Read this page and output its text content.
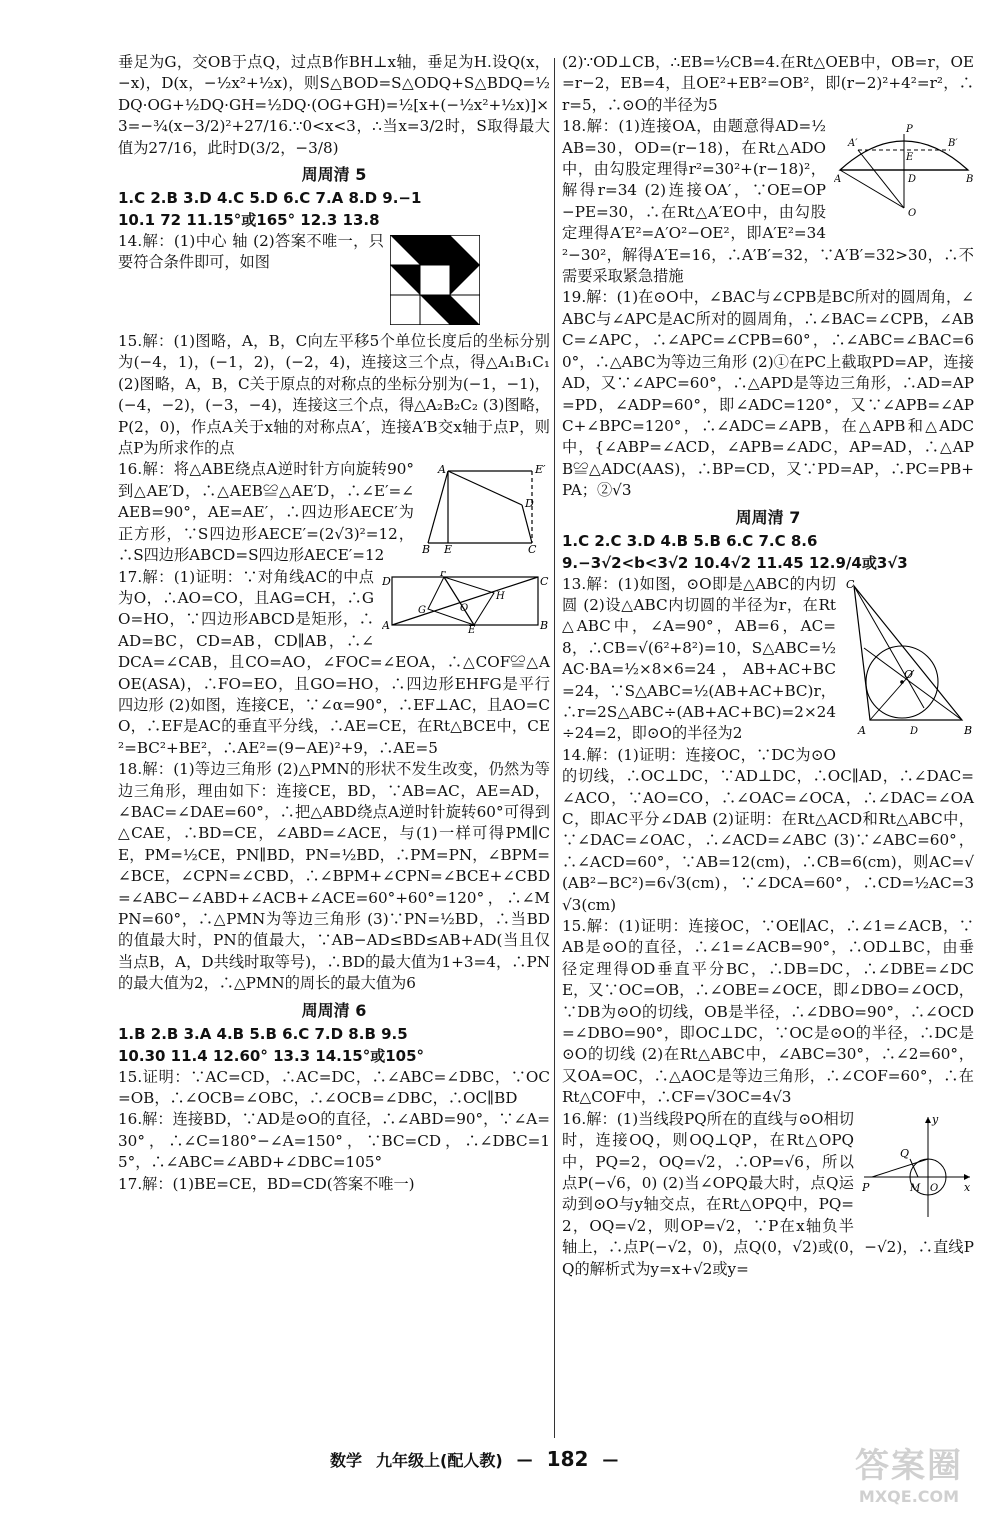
垂足为G，交OB于点Q，过点B作BH⊥x轴，垂足为H.设Q(x，−x)，D(x，−½x²+½x)，则S△BOD=S△ODQ+S△BDQ=½DQ·OG+½DQ·GH=½DQ·(OG+GH)=½[x+(−½x²+½x)]×3=−¾(x−3/2)²+27/16.∵0<x<3，∴当x=3/2时，S取得最大值为27/16，此时D(3/2，−3/8)

周周清 5

1.C 2.B 3.D 4.C 5.D 6.C 7.A 8.D 9.−1

10.1 72 11.15°或165° 12.3 13.8

14.解：(1)中心 轴 (2)答案不唯一，只要符合条件即可，如图

15.解：(1)图略，A，B，C向左平移5个单位长度后的坐标分别为(−4，1)，(−1，2)，(−2，4)，连接这三个点，得△A₁B₁C₁ (2)图略，A，B，C关于原点的对称点的坐标分别为(−1，−1)，(−4，−2)，(−3，−4)，连接这三个点，得△A₂B₂C₂ (3)图略，P(2，0)，作点A关于x轴的对称点A′，连接A′B交x轴于点P，则点P为所求作的点

A	E′
D
B E	C

16.解：将△ABE绕点A逆时针方向旋转90°到△AE′D，∴△AEB≌△AE′D，∴∠E′=∠AEB=90°，AE=AE′，∴四边形AECE′为正方形，∵S四边形AECE′=(2√3)²=12，∴S四边形ABCD=S四边形AECE′=12

D	C
A	B
F
E
G
H
O

17.解：(1)证明：∵对角线AC的中点为O，∴AO=CO，且AG=CH，∴GO=HO，∵四边形ABCD是矩形，∴AD=BC，CD=AB，CD∥AB，∴∠DCA=∠CAB，且CO=AO，∠FOC=∠EOA，∴△COF≌△AOE(ASA)，∴FO=EO，且GO=HO，∴四边形EHFG是平行四边形 (2)如图，连接CE，∵∠α=90°，∴EF⊥AC，且AO=CO，∴EF是AC的垂直平分线，∴AE=CE，在Rt△BCE中，CE²=BC²+BE²，∴AE²=(9−AE)²+9，∴AE=5

18.解：(1)等边三角形 (2)△PMN的形状不发生改变，仍然为等边三角形，理由如下：连接CE，BD，∵AB=AC，AE=AD，∠BAC=∠DAE=60°，∴把△ABD绕点A逆时针旋转60°可得到△CAE，∴BD=CE，∠ABD=∠ACE，与(1)一样可得PM∥CE，PM=½CE，PN∥BD，PN=½BD，∴PM=PN，∠BPM=∠BCE，∠CPN=∠CBD，∴∠BPM+∠CPN=∠BCE+∠CBD=∠ABC−∠ABD+∠ACB+∠ACE=60°+60°=120°，∴∠MPN=60°，∴△PMN为等边三角形 (3)∵PN=½BD，∴当BD的值最大时，PN的值最大，∵AB−AD≤BD≤AB+AD(当且仅当点B，A，D共线时取等号)，∴BD的最大值为1+3=4，∴PN的最大值为2，∴△PMN的周长的最大值为6

周周清 6

1.B 2.B 3.A 4.B 5.B 6.C 7.D 8.B 9.5

10.30 11.4 12.60° 13.3 14.15°或105°

15.证明：∵AC=CD，∴AC=DC，∴∠ABC=∠DBC，∵OC=OB，∴∠OCB=∠OBC，∴∠OCB=∠DBC，∴OC∥BD

16.解：连接BD，∵AD是⊙O的直径，∴∠ABD=90°，∵∠A=30°，∴∠C=180°−∠A=150°，∵BC=CD，∴∠DBC=15°，∴∠ABC=∠ABD+∠DBC=105°

17.解：(1)BE=CE，BD=CD(答案不唯一)

(2)∵OD⊥CB，∴EB=½CB=4.在Rt△OEB中，OB=r，OE=r−2，EB=4，且OE²+EB²=OB²，即(r−2)²+4²=r²，∴r=5，∴⊙O的半径为5

A′	B′
P
E
A	B
D
O

18.解：(1)连接OA，由题意得AD=½AB=30，OD=(r−18)，在Rt△ADO中，由勾股定理得r²=30²+(r−18)²，解得r=34 (2)连接OA′，∵OE=OP−PE=30，∴在Rt△A′EO中，由勾股定理得A′E²=A′O²−OE²，即A′E²=34²−30²，解得A′E=16，∴A′B′=32，∵A′B′=32>30，∴不需要采取紧急措施

19.解：(1)在⊙O中，∠BAC与∠CPB是BC所对的圆周角，∠ABC与∠APC是AC所对的圆周角，∴∠BAC=∠CPB，∠ABC=∠APC，∴∠APC=∠CPB=60°，∴∠ABC=∠BAC=60°，∴△ABC为等边三角形 (2)①在PC上截取PD=AP，连接AD，又∵∠APC=60°，∴△APD是等边三角形，∴AD=AP=PD，∠ADP=60°，即∠ADC=120°，又∵∠APB=∠APC+∠BPC=120°，∴∠ADC=∠APB，在△APB和△ADC中，{∠ABP=∠ACD，∠APB=∠ADC，AP=AD，∴△APB≌△ADC(AAS)，∴BP=CD，又∵PD=AP，∴PC=PB+PA；②√3

周周清 7

1.C 2.C 3.D 4.B 5.B 6.C 7.C 8.6

9.−3√2<b<3√2 10.4√2 11.45 12.9/4或3√3

C
A	B
O
D

13.解：(1)如图，⊙O即是△ABC的内切圆 (2)设△ABC内切圆的半径为r，在Rt△ABC中，∠A=90°，AB=6，AC=8，∴CB=√(6²+8²)=10，S△ABC=½AC·BA=½×8×6=24，AB+AC+BC=24，∵S△ABC=½(AB+AC+BC)r，∴r=2S△ABC÷(AB+AC+BC)=2×24÷24=2，即⊙O的半径为2

14.解：(1)证明：连接OC，∵DC为⊙O的切线，∴OC⊥DC，∵AD⊥DC，∴OC∥AD，∴∠DAC=∠ACO，∵AO=CO，∴∠OAC=∠OCA，∴∠DAC=∠OAC，即AC平分∠DAB (2)证明：在Rt△ACD和Rt△ABC中，∵∠DAC=∠OAC，∴∠ACD=∠ABC (3)∵∠ABC=60°，∴∠ACD=60°，∵AB=12(cm)，∴CB=6(cm)，则AC=√(AB²−BC²)=6√3(cm)，∵∠DCA=60°，∴CD=½AC=3√3(cm)

15.解：(1)证明：连接OC，∵OE∥AC，∴∠1=∠ACB，∵AB是⊙O的直径，∴∠1=∠ACB=90°，∴OD⊥BC，由垂径定理得OD垂直平分BC，∴DB=DC，∴∠DBE=∠DCE，又∵OC=OB，∴∠OBE=∠OCE，即∠DBO=∠OCD，∵DB为⊙O的切线，OB是半径，∴∠DBO=90°，∴∠OCD=∠DBO=90°，即OC⊥DC，∵OC是⊙O的半径，∴DC是⊙O的切线 (2)在Rt△ABC中，∠ABC=30°，∴∠2=60°，又OA=OC，∴△AOC是等边三角形，∴∠COF=60°，∴在Rt△COF中，∴CF=√3OC=4√3

y
x
P
Q
M O

16.解：(1)当线段PQ所在的直线与⊙O相切时，连接OQ，则OQ⊥QP，在Rt△OPQ中，PQ=2，OQ=√2，∴OP=√6，所以点P(−√6，0) (2)当∠OPQ最大时，点Q运动到⊙O与y轴交点，在Rt△OPQ中，PQ=2，OQ=√2，则OP=√2，∵P在x轴负半轴上，∴点P(−√2，0)，点Q(0，√2)或(0，−√2)，∴直线PQ的解析式为y=x+√2或y=

数学 九年级上(配人教) — 182 —	答案圈
MXQE.COM
